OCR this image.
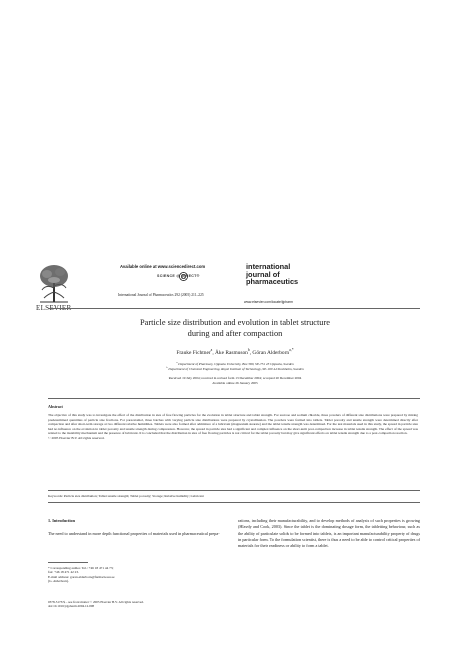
ELSEVIER
Available online at www.sciencedirect.com
SCIENCE @ DIRECT®
International Journal of Pharmaceutics 292 (2005) 211–225
international
journal of
pharmaceutics
www.elsevier.com/locate/ijpharm
Particle size distribution and evolution in tablet structure
during and after compaction
Frauke Fichtner$^a$, Åke Rasmuson$^b$, Göran Alderborn$^{a,*}$
$^a$ Department of Pharmacy, Uppsala University, Box 580, SE-751 23 Uppsala, Sweden
$^b$ Department of Chemical Engineering, Royal Institute of Technology, SE-100 44 Stockholm, Sweden
Received 19 July 2004; received in revised form 13 December 2004; accepted 20 December 2004
Available online 26 January 2005
Abstract
The objective of this study was to investigate the effect of the distribution in size of free flowing particles for the evolution in tablet structure and tablet strength. For sucrose and sodium chloride, three powders of different size distributions were prepared by mixing predetermined quantities of particle size fractions. For paracetamol, three batches with varying particle size distributions were prepared by crystallisation. The powders were formed into tablets. Tablet porosity and tensile strength were determined directly after compaction and after short-term storage at two different relative humidities. Tablets were also formed after admixture of a lubricant (magnesium stearate) and the tablet tensile strength was determined. For the test materials used in this study, the spread in particle size had no influence on the evolution in tablet porosity and tensile strength during compression. However, the spread in particle size had a significant and complex influence on the short-term post-compaction increase in tablet tensile strength. The effect of the spread was related to the instability mechanism and the presence of lubricant. It is concluded that the distribution in size of free flowing particles is not critical for the tablet porosity but may give significant effects on tablet tensile strength due to a post-compaction reaction.
© 2005 Elsevier B.V. All rights reserved.
Keywords: Particle size distribution; Tablet tensile strength; Tablet porosity; Storage; Relative humidity; Lubricant
1. Introduction
The need to understand in more depth functional properties of materials used in pharmaceutical prepa-
rations, including their manufacturability, and to develop methods of analysis of such properties is growing (Hlavdy and Cook, 2003). Since the tablet is the dominating dosage form, the tabletting behaviour, such as the ability of particulate solids to be formed into tablets, is an important manufacturability property of drugs in particular form. To the formulation scientist, there is thus a need to be able to control critical properties of materials for their readiness or ability to form a tablet.
* Corresponding author. Tel.: +46 18 471 44 73;
fax: +46 18 471 42 23.
E-mail address: goran.alderborn@farmacie.uu.se
(G. Alderborn).
0378-5173/$ – see front matter © 2005 Elsevier B.V. All rights reserved.
doi:10.1016/j.ijpharm.2004.12.008
